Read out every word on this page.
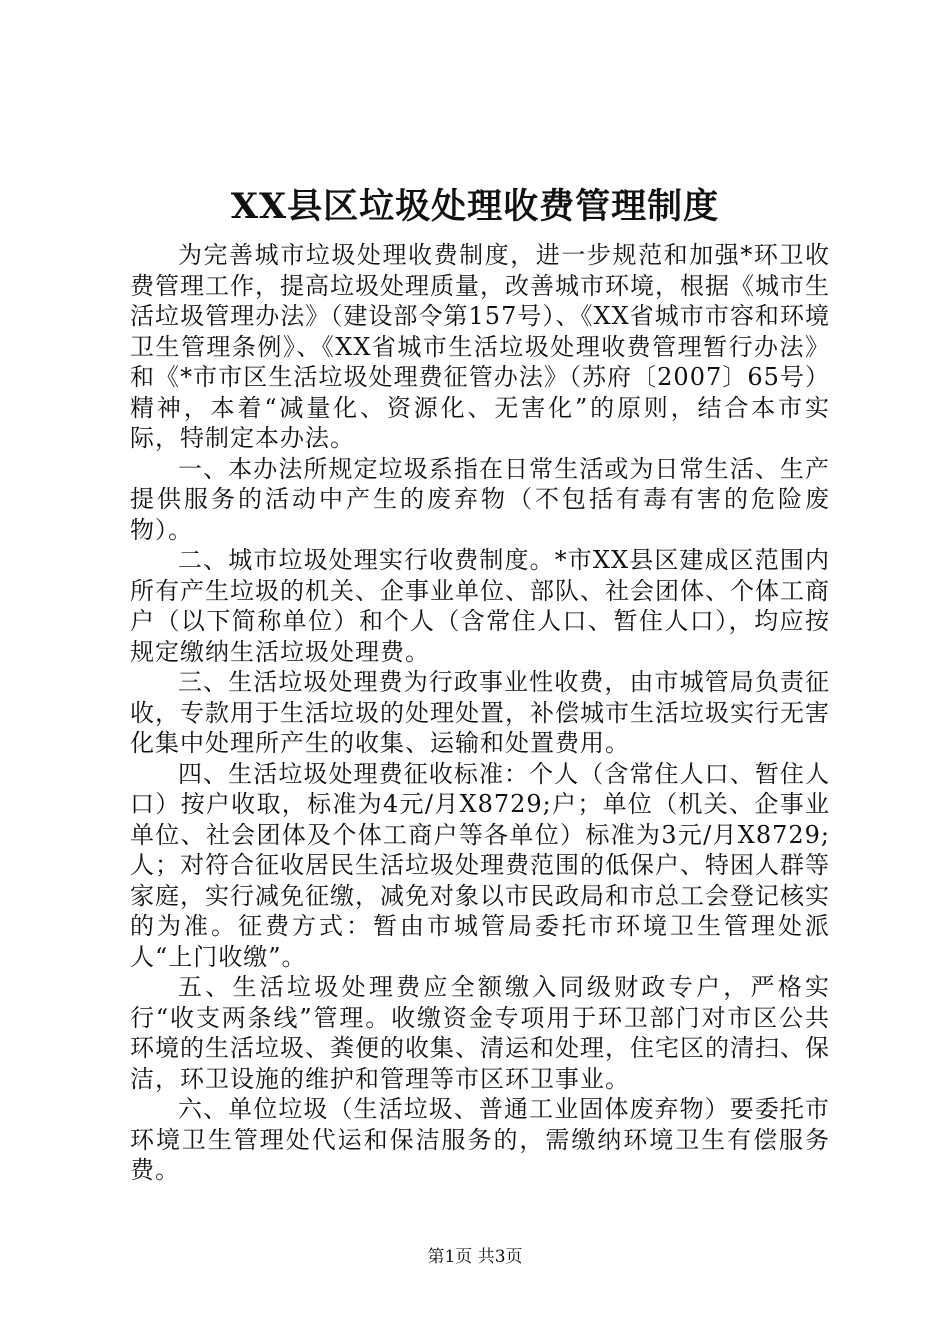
XX县区垃圾处理收费管理制度

为完善城市垃圾处理收费制度，进一步规范和加强*环卫收费管理工作，提高垃圾处理质量，改善城市环境，根据《城市生活垃圾管理办法》（建设部令第157号）、《XX省城市市容和环境卫生管理条例》、《XX省城市生活垃圾处理收费管理暂行办法》和《*市市区生活垃圾处理费征管办法》（苏府〔2007〕65号）精神，本着“减量化、资源化、无害化”的原则，结合本市实际，特制定本办法。

一、本办法所规定垃圾系指在日常生活或为日常生活、生产提供服务的活动中产生的废弃物（不包括有毒有害的危险废物）。

二、城市垃圾处理实行收费制度。*市XX县区建成区范围内所有产生垃圾的机关、企事业单位、部队、社会团体、个体工商户（以下简称单位）和个人（含常住人口、暂住人口），均应按规定缴纳生活垃圾处理费。

三、生活垃圾处理费为行政事业性收费，由市城管局负责征收，专款用于生活垃圾的处理处置，补偿城市生活垃圾实行无害化集中处理所产生的收集、运输和处置费用。

四、生活垃圾处理费征收标准：个人（含常住人口、暂住人口）按户收取，标准为4元/月X8729;户；单位（机关、企事业单位、社会团体及个体工商户等各单位）标准为3元/月X8729;人；对符合征收居民生活垃圾处理费范围的低保户、特困人群等家庭，实行减免征缴，减免对象以市民政局和市总工会登记核实的为准。征费方式：暂由市城管局委托市环境卫生管理处派人“上门收缴”。

五、生活垃圾处理费应全额缴入同级财政专户，严格实行“收支两条线”管理。收缴资金专项用于环卫部门对市区公共环境的生活垃圾、粪便的收集、清运和处理，住宅区的清扫、保洁，环卫设施的维护和管理等市区环卫事业。

六、单位垃圾（生活垃圾、普通工业固体废弃物）要委托市环境卫生管理处代运和保洁服务的，需缴纳环境卫生有偿服务费。

第1页 共3页
